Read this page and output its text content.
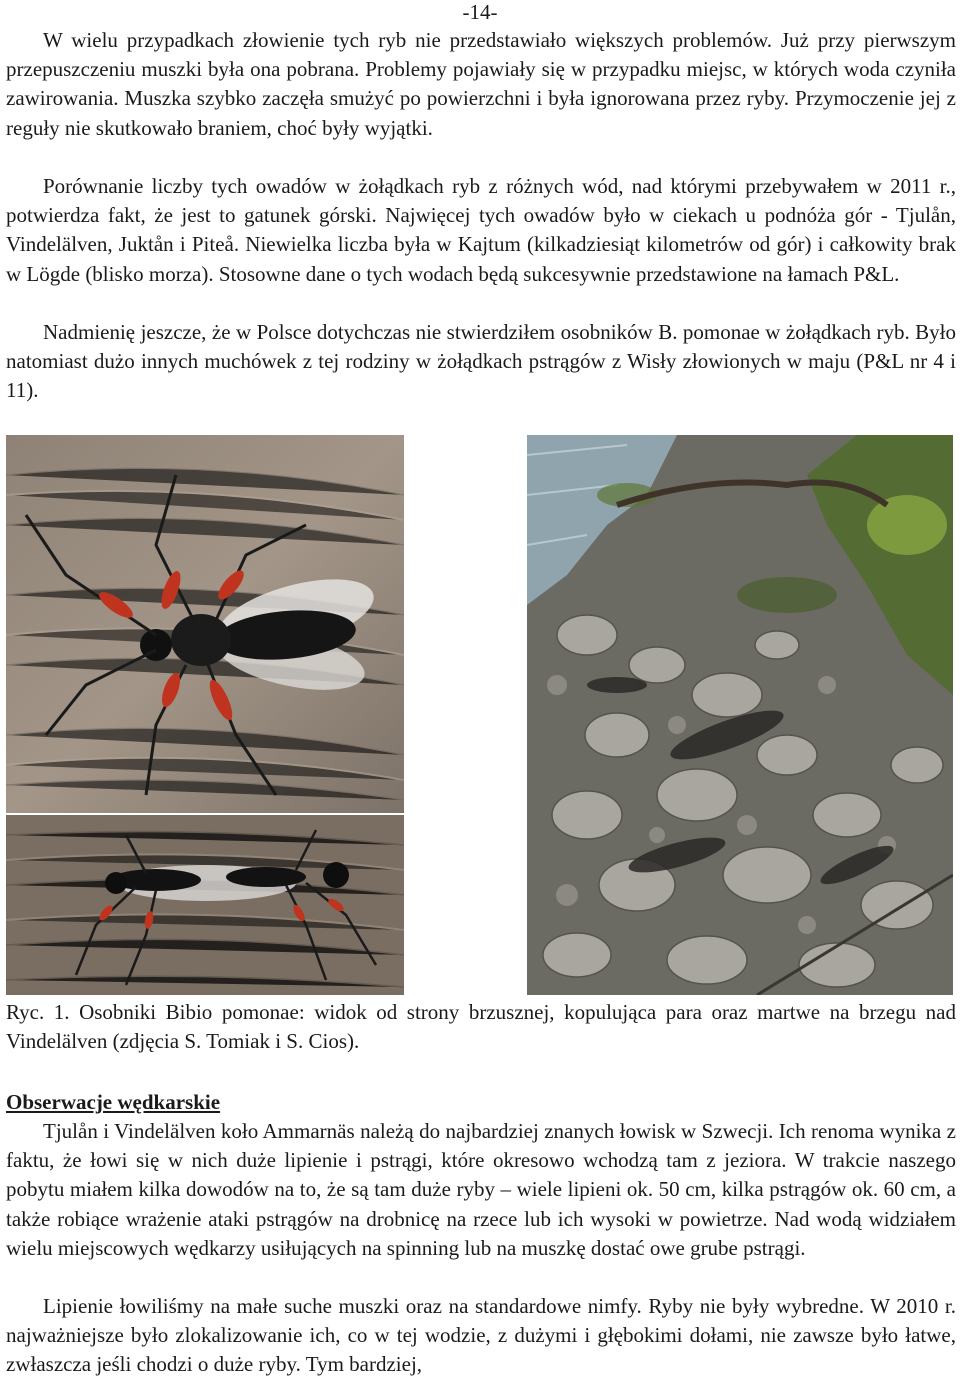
-14-

W wielu przypadkach złowienie tych ryb nie przedstawiało większych problemów. Już przy pierwszym przepuszczeniu muszki była ona pobrana. Problemy pojawiały się w przypadku miejsc, w których woda czyniła zawirowania. Muszka szybko zaczęła smużyć po powierzchni i była ignorowana przez ryby. Przymoczenie jej z reguły nie skutkowało braniem, choć były wyjątki.

Porównanie liczby tych owadów w żołądkach ryb z różnych wód, nad którymi przebywałem w 2011 r., potwierdza fakt, że jest to gatunek górski. Najwięcej tych owadów było w ciekach u podnóża gór - Tjulån, Vindelälven, Juktån i Piteå. Niewielka liczba była w Kajtum (kilkadziesiąt kilometrów od gór) i całkowity brak w Lögde (blisko morza). Stosowne dane o tych wodach będą sukcesywnie przedstawione na łamach P&L.

Nadmienię jeszcze, że w Polsce dotychczas nie stwierdziłem osobników B. pomonae w żołądkach ryb. Było natomiast dużo innych muchówek z tej rodziny w żołądkach pstrągów z Wisły złowionych w maju (P&L nr 4 i 11).

Ryc. 1. Osobniki Bibio pomonae: widok od strony brzusznej, kopulująca para oraz martwe na brzegu nad Vindelälven (zdjęcia S. Tomiak i S. Cios).

Obserwacje wędkarskie

Tjulån i Vindelälven koło Ammarnäs należą do najbardziej znanych łowisk w Szwecji. Ich renoma wynika z faktu, że łowi się w nich duże lipienie i pstrągi, które okresowo wchodzą tam z jeziora. W trakcie naszego pobytu miałem kilka dowodów na to, że są tam duże ryby – wiele lipieni ok. 50 cm, kilka pstrągów ok. 60 cm, a także robiące wrażenie ataki pstrągów na drobnicę na rzece lub ich wysoki w powietrze. Nad wodą widziałem wielu miejscowych wędkarzy usiłujących na spinning lub na muszkę dostać owe grube pstrągi.

Lipienie łowiliśmy na małe suche muszki oraz na standardowe nimfy. Ryby nie były wybredne. W 2010 r. najważniejsze było zlokalizowanie ich, co w tej wodzie, z dużymi i głębokimi dołami, nie zawsze było łatwe, zwłaszcza jeśli chodzi o duże ryby. Tym bardziej,
